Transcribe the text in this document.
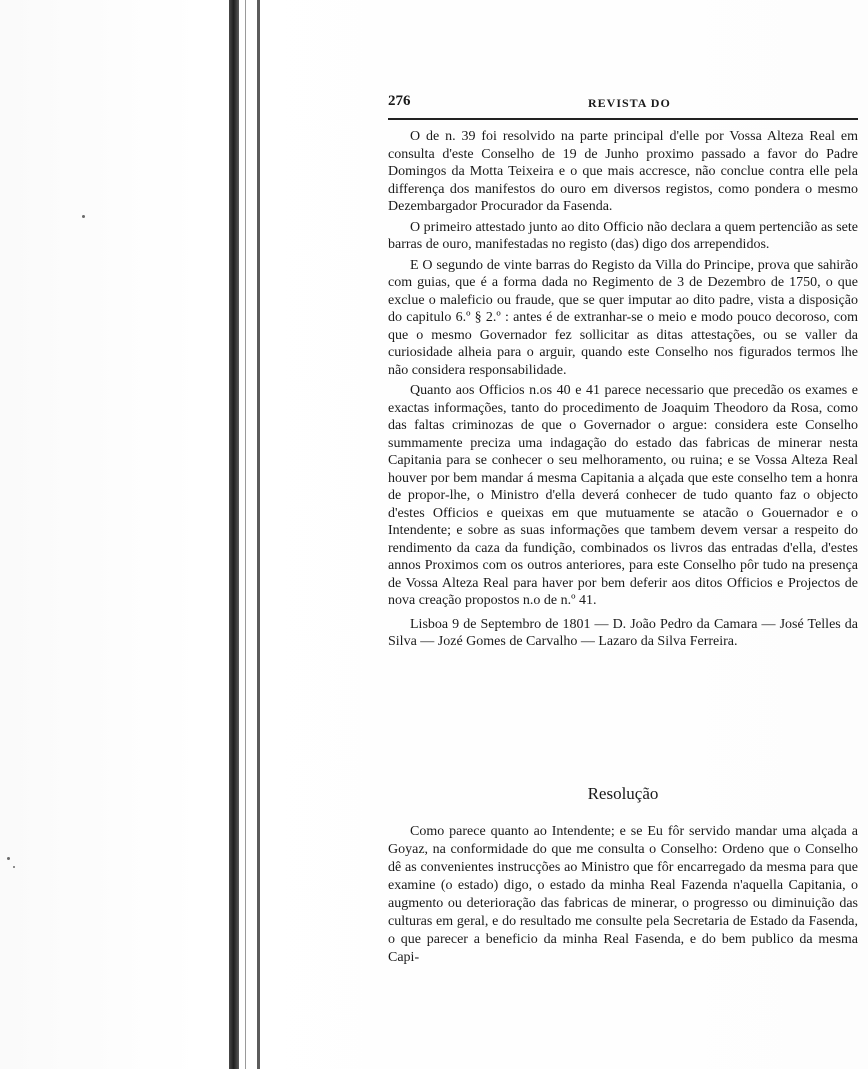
276	REVISTA DO

O de n. 39 foi resolvido na parte principal d'elle por Vossa Alteza Real em consulta d'este Conselho de 19 de Junho proximo passado a favor do Padre Domingos da Motta Teixeira e o que mais accresce, não conclue contra elle pela differença dos manifestos do ouro em diversos registos, como pondera o mesmo Dezembargador Procurador da Fasenda.

O primeiro attestado junto ao dito Officio não declara a quem pertencião as sete barras de ouro, manifestadas no registo (das) digo dos arrependidos.

E O segundo de vinte barras do Registo da Villa do Principe, prova que sahirão com guias, que é a forma dada no Regimento de 3 de Dezembro de 1750, o que exclue o maleficio ou fraude, que se quer imputar ao dito padre, vista a disposição do capitulo 6.º § 2.º : antes é de extranhar-se o meio e modo pouco decoroso, com que o mesmo Governador fez sollicitar as ditas attestações, ou se valler da curiosidade alheia para o arguir, quando este Conselho nos figurados termos lhe não considera responsabilidade.

Quanto aos Officios n.os 40 e 41 parece necessario que precedão os exames e exactas informações, tanto do procedimento de Joaquim Theodoro da Rosa, como das faltas criminozas de que o Governador o argue: considera este Conselho summamente preciza uma indagação do estado das fabricas de minerar nesta Capitania para se conhecer o seu melhoramento, ou ruina; e se Vossa Alteza Real houver por bem mandar á mesma Capitania a alçada que este conselho tem a honra de propor-lhe, o Ministro d'ella deverá conhecer de tudo quanto faz o objecto d'estes Officios e queixas em que mutuamente se atacão o Gouernador e o Intendente; e sobre as suas informações que tambem devem versar a respeito do rendimento da caza da fundição, combinados os livros das entradas d'ella, d'estes annos Proximos com os outros anteriores, para este Conselho pôr tudo na presença de Vossa Alteza Real para haver por bem deferir aos ditos Officios e Projectos de nova creação propostos n.o de n.º 41.

Lisboa 9 de Septembro de 1801 — D. João Pedro da Camara — José Telles da Silva — Jozé Gomes de Carvalho — Lazaro da Silva Ferreira.

Resolução

Como parece quanto ao Intendente; e se Eu fôr servido mandar uma alçada a Goyaz, na conformidade do que me consulta o Conselho: Ordeno que o Conselho dê as convenientes instrucções ao Ministro que fôr encarregado da mesma para que examine (o estado) digo, o estado da minha Real Fazenda n'aquella Capitania, o augmento ou deterioração das fabricas de minerar, o progresso ou diminuição das culturas em geral, e do resultado me consulte pela Secretaria de Estado da Fasenda, o que parecer a beneficio da minha Real Fasenda, e do bem publico da mesma Capi-
